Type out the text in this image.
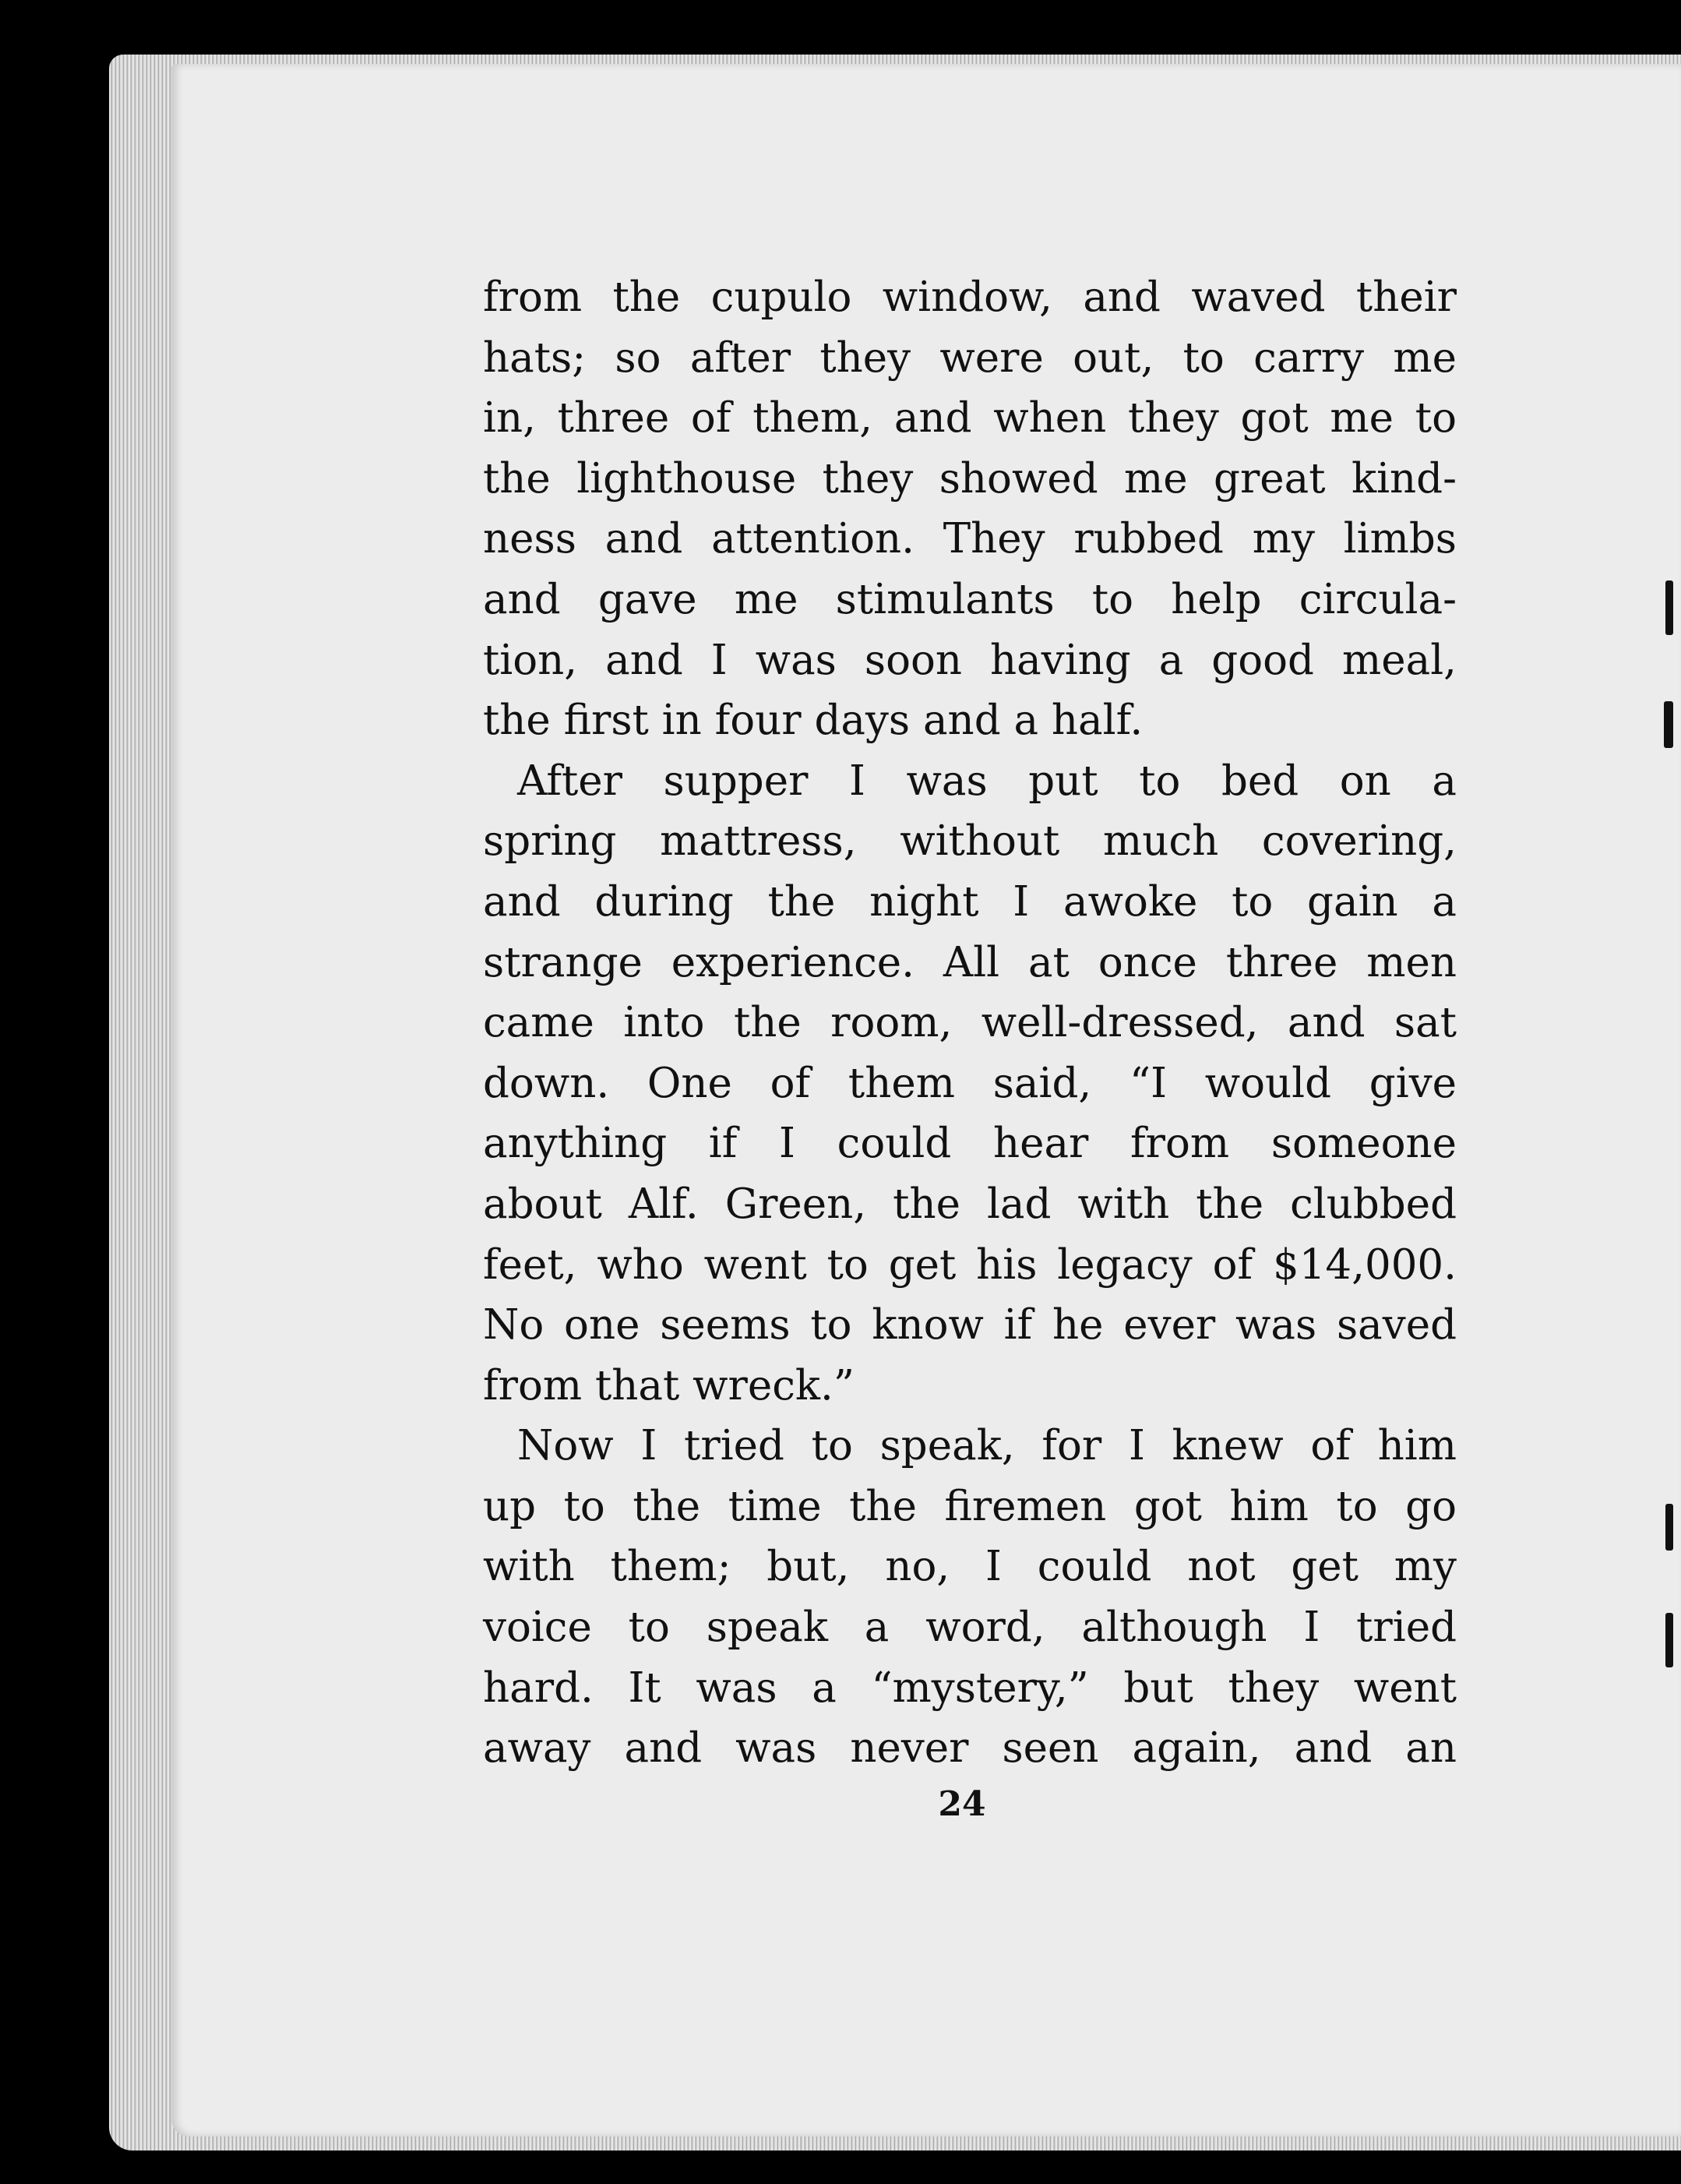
from the cupulo window, and waved their
hats; so after they were out, to carry me
in, three of them, and when they got me to
the lighthouse they showed me great kind-
ness and attention. They rubbed my limbs
and gave me stimulants to help circula-
tion, and I was soon having a good meal,
the first in four days and a half.
After supper I was put to bed on a
spring mattress, without much covering,
and during the night I awoke to gain a
strange experience. All at once three men
came into the room, well-dressed, and sat
down. One of them said, “I would give
anything if I could hear from someone
about Alf. Green, the lad with the clubbed
feet, who went to get his legacy of $14,000.
No one seems to know if he ever was saved
from that wreck.”
Now I tried to speak, for I knew of him
up to the time the firemen got him to go
with them; but, no, I could not get my
voice to speak a word, although I tried
hard. It was a “mystery,” but they went
away and was never seen again, and an
24
